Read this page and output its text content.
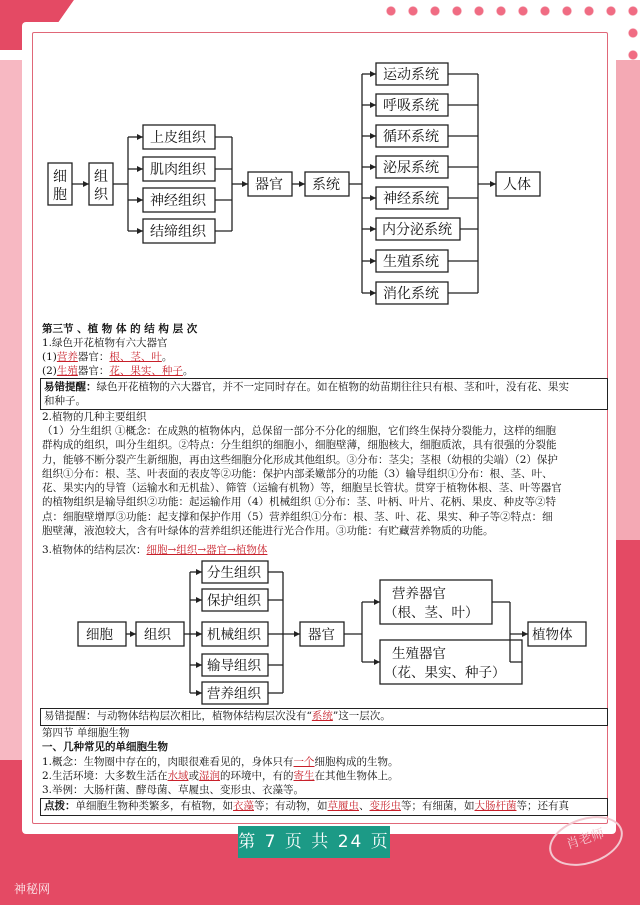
细
胞
组
织
上皮组织
肌肉组织
神经组织
结缔组织
器官 系统
运动系统
呼吸系统
循环系统
泌尿系统
神经系统
内分泌系统
生殖系统
消化系统
人体
第三节 、植 物 体 的 结 构 层 次
1.绿色开花植物有六大器官
(1)营养器官：根、茎、叶。
(2)生殖器官：花、果实、种子。
易错提醒：绿色开花植物的六大器官，并不一定同时存在。如在植物的幼苗期往往只有根、茎和叶，没有花、果实
和种子。
2.植物的几种主要组织
（1）分生组织 ①概念：在成熟的植物体内，总保留一部分不分化的细胞，它们终生保持分裂能力，这样的细胞
群构成的组织，叫分生组织。②特点：分生组织的细胞小，细胞壁薄，细胞核大，细胞质浓，具有很强的分裂能
力，能够不断分裂产生新细胞，再由这些细胞分化形成其他组织。③分布：茎尖；茎根（幼根的尖端）（2）保护
组织①分布：根、茎、叶表面的表皮等②功能：保护内部柔嫩部分的功能（3）输导组织①分布：根、茎、叶、
花、果实内的导管（运输水和无机盐）、筛管（运输有机物）等，细胞呈长管状。贯穿于植物体根、茎、叶等器官
的植物组织是输导组织②功能：起运输作用（4）机械组织 ①分布：茎、叶柄、叶片、花柄、果皮、种皮等②特
点：细胞壁增厚③功能：起支撑和保护作用（5）营养组织①分布：根、茎、叶、花、果实、种子等②特点：细
胞壁薄，液泡较大，含有叶绿体的营养组织还能进行光合作用。③功能：有贮藏营养物质的功能。
3.植物体的结构层次：细胞→组织→器官→植物体
细胞 组织
分生组织
保护组织
机械组织
输导组织
营养组织
器官
营养器官
（根、茎、叶）
生殖器官
（花、果实、种子）
植物体
易错提醒：与动物体结构层次相比，植物体结构层次没有“系统”这一层次。
第四节 单细胞生物
一、几种常见的单细胞生物
1.概念：生物圈中存在的，肉眼很难看见的，身体只有一个细胞构成的生物。
2.生活环境：大多数生活在水域或湿润的环境中，有的寄生在其他生物体上。
3.举例：大肠杆菌、酵母菌、草履虫、变形虫、衣藻等。
点拨：单细胞生物种类繁多，有植物，如衣藻等；有动物，如草履虫、变形虫等；有细菌，如大肠杆菌等；还有真
第 7 页 共 24 页	肖老师
神秘网
